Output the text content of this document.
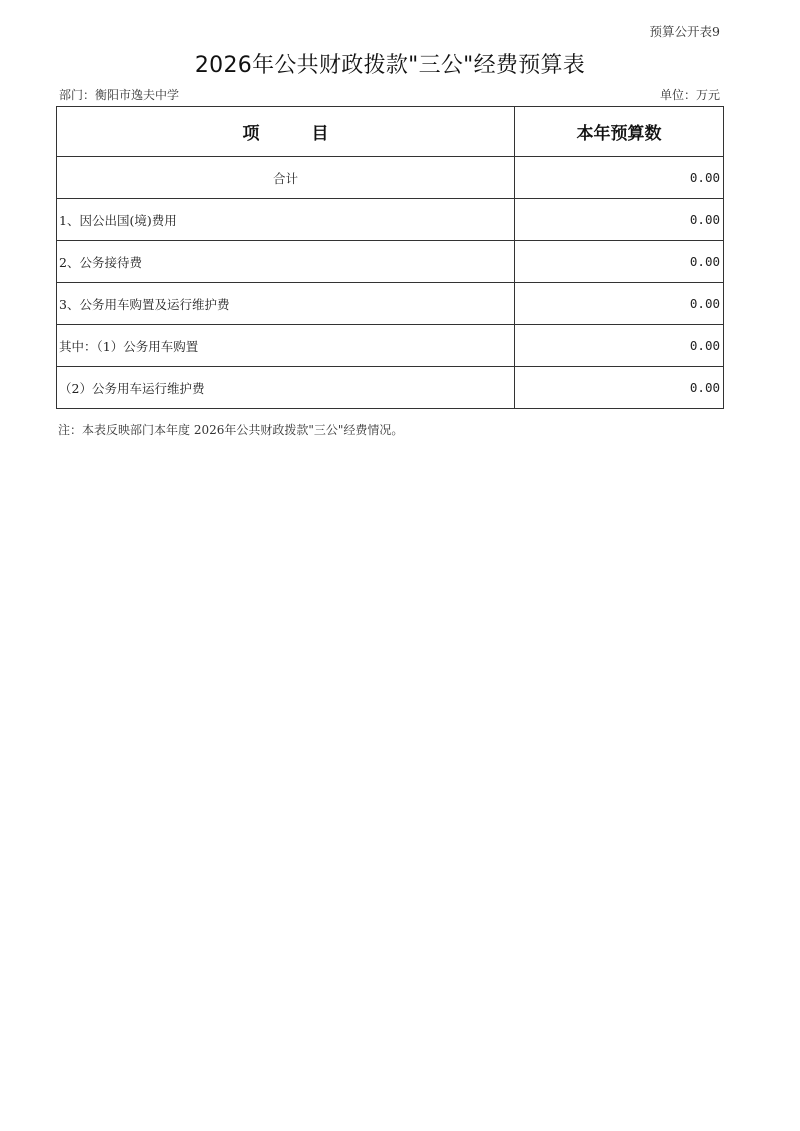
预算公开表9
2026年公共财政拨款"三公"经费预算表
部门：衡阳市逸夫中学	单位：万元
项 目	本年预算数
合计	0.00
1、因公出国(境)费用	0.00
2、公务接待费	0.00
3、公务用车购置及运行维护费	0.00
其中：（1）公务用车购置	0.00
（2）公务用车运行维护费	0.00
注：本表反映部门本年度 2026年公共财政拨款"三公"经费情况。
